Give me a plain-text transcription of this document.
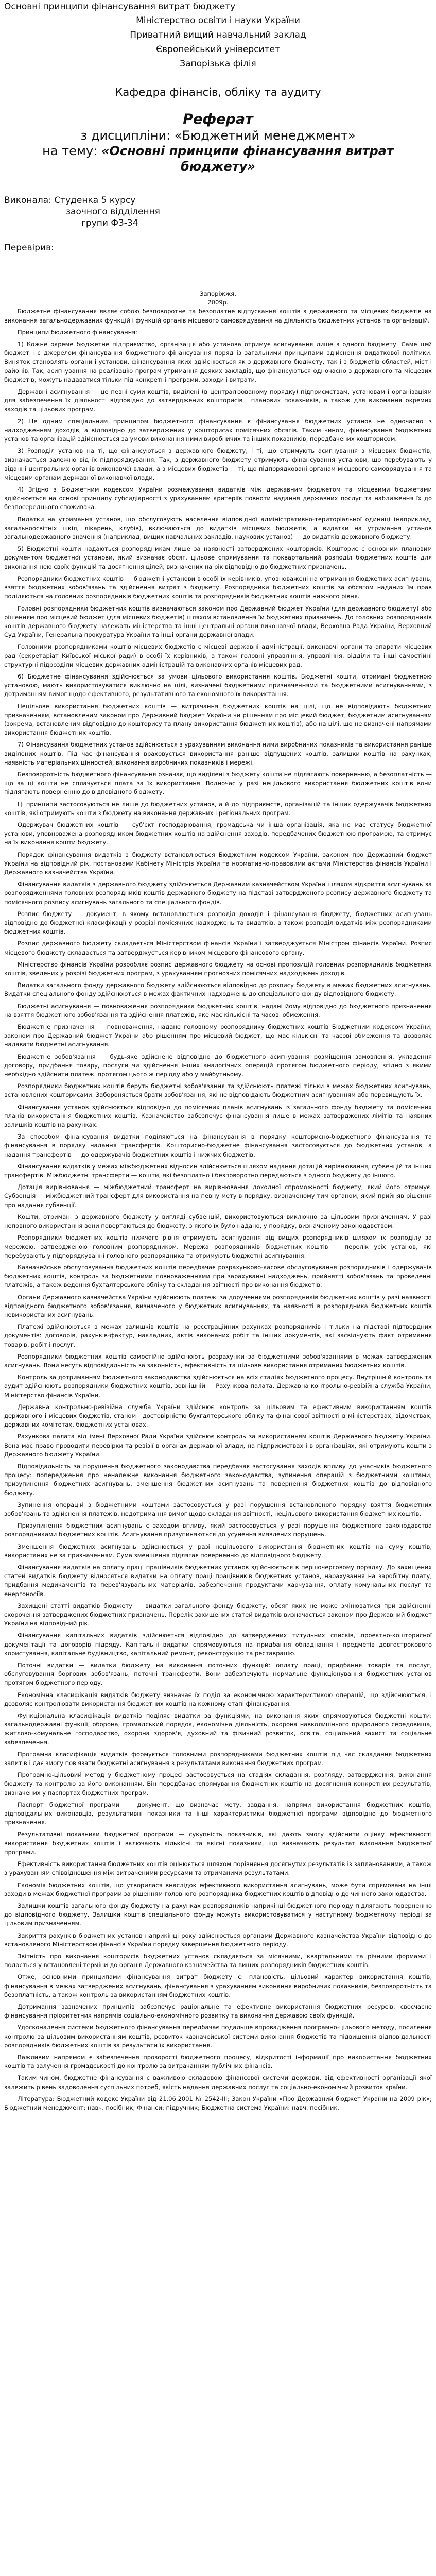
Основні принципи фінансування витрат бюджету

Міністерство освіти і науки України

Приватний вищий навчальний заклад

Європейський університет

Запорізька філія

Кафедра фінансів, обліку та аудиту

Реферат

з дисципліни: «Бюджетний менеджмент»

на тему: «Основні принципи фінансування витрат бюджету»

Виконала: Студенка 5 курсу
заочного відділення
групи Ф3-34

Перевірив:

Запоріжжя,

2009р.

Бюджетне фінансування являє собою безповоротне та безоплатне відпускання коштів з державного та місцевих бюджетів на виконання загальнодержавних функцій і функцій органів місцевого самоврядування на діяльність бюджетних установ та організацій.

Принципи бюджетного фінансування:

1) Кожне окреме бюджетне підприємство, організація або установа отримує асигнування лише з одного бюджету. Саме цей бюджет і є джерелом фінансування бюджетного фінансування поряд із загальними принципами здійснення видаткової політики. Виняток становлять органи і установи, фінансування яких здійснюється як з державного бюджету, так і з бюджетів областей, міст і районів. Так, асигнування на реалізацію програм утримання деяких закладів, що фінансуються одночасно з державного та місцевих бюджетів, можуть надаватися тільки під конкретні програми, заходи і витрати.

Державні асигнування — це певні суми коштів, виділені (в централізованому порядку) підприємствам, установам і організаціям для забезпечення їх діяльності відповідно до затверджених кошторисів і планових показників, а також для виконання окремих заходів та цільових програм.

2) Це одним спеціальним принципом бюджетного фінансування є фінансування бюджетних установ не одночасно з надходженням доходів, а відповідно до затверджених у кошторисах помісячних обсягів. Таким чином, фінансування бюджетних установ та організацій здійснюється за умови виконання ними виробничих та інших показників, передбачених кошторисом.

3) Розподіл установ на ті, що фінансуються з державного бюджету, і ті, що отримують асигнування з місцевих бюджетів, визначається залежно від їх підпорядкування. Так, з державного бюджету отримують фінансування установи, що перебувають у віданні центральних органів виконавчої влади, а з місцевих бюджетів — ті, що підпорядковані органам місцевого самоврядування та місцевим органам державної виконавчої влади.

4) Згідно з Бюджетним кодексом України розмежування видатків між державним бюджетом та місцевими бюджетами здійснюється на основі принципу субсидіарності з урахуванням критеріїв повноти надання державних послуг та наближення їх до безпосереднього споживача.

Видатки на утримання установ, що обслуговують населення відповідної адміністративно-територіальної одиниці (наприклад, загальноосвітніх шкіл, лікарень, клубів), включаються до видатків місцевих бюджетів, а видатки на утримання установ загальнодержавного значення (наприклад, вищих навчальних закладів, наукових установ) — до видатків державного бюджету.

5) Бюджетні кошти надаються розпорядникам лише за наявності затверджених кошторисів. Кошторис є основним плановим документом бюджетної установи, який визначає обсяг, цільове спрямування та поквартальний розподіл бюджетних коштів для виконання нею своїх функцій та досягнення цілей, визначених на рік відповідно до бюджетних призначень.

Розпорядники бюджетних коштів — бюджетні установи в особі їх керівників, уповноважені на отримання бюджетних асигнувань, взяття бюджетних зобов'язань та здійснення витрат з бюджету. Розпорядники бюджетних коштів за обсягом наданих їм прав поділяються на головних розпорядників бюджетних коштів та розпорядників бюджетних коштів нижчого рівня.

Головні розпорядники бюджетних коштів визначаються законом про Державний бюджет України (для державного бюджету) або рішенням про місцевий бюджет (для місцевих бюджетів) шляхом встановлення їм бюджетних призначень. До головних розпорядників коштів державного бюджету належать міністерства та інші центральні органи виконавчої влади, Верховна Рада України, Верховний Суд України, Генеральна прокуратура України та інші органи державної влади.

Головними розпорядниками коштів місцевих бюджетів є місцеві державні адміністрації, виконавчі органи та апарати місцевих рад (секретаріат Київської міської ради) в особі їх керівників, а також головні управління, управління, відділи та інші самостійні структурні підрозділи місцевих державних адміністрацій та виконавчих органів місцевих рад.

6) Бюджетне фінансування здійснюється за умови цільового використання коштів. Бюджетні кошти, отримані бюджетною установою, мають використовуватися виключно на цілі, визначені бюджетними призначеннями та бюджетними асигнуваннями, з дотриманням вимог щодо ефективного, результативного та економного їх використання.

Нецільове використання бюджетних коштів — витрачання бюджетних коштів на цілі, що не відповідають бюджетним призначенням, встановленим законом про Державний бюджет України чи рішенням про місцевий бюджет, бюджетним асигнуванням (зокрема, встановленим відповідно до кошторису та плану використання бюджетних коштів), або на цілі, що не визначені напрямами використання бюджетних коштів.

7) Фінансування бюджетних установ здійснюється з урахуванням виконання ними виробничих показників та використання раніше виділених коштів. Під час фінансування враховується використання раніше відпущених коштів, залишки коштів на рахунках, наявність матеріальних цінностей, виконання виробничих показників і мережі.

Безповоротність бюджетного фінансування означає, що виділені з бюджету кошти не підлягають поверненню, а безоплатність — що за ці кошти не сплачується плата за їх використання. Водночас у разі нецільового використання бюджетних коштів вони підлягають поверненню до відповідного бюджету.

Ці принципи застосовуються не лише до бюджетних установ, а й до підприємств, організацій та інших одержувачів бюджетних коштів, які отримують кошти з бюджету на виконання державних і регіональних програм.

Одержувач бюджетних коштів — суб'єкт господарювання, громадська чи інша організація, яка не має статусу бюджетної установи, уповноважена розпорядником бюджетних коштів на здійснення заходів, передбачених бюджетною програмою, та отримує на їх виконання кошти бюджету.

Порядок фінансування видатків з бюджету встановлюється Бюджетним кодексом України, законом про Державний бюджет України на відповідний рік, постановами Кабінету Міністрів України та нормативно-правовими актами Міністерства фінансів України і Державного казначейства України.

Фінансування видатків з державного бюджету здійснюється Державним казначейством України шляхом відкриття асигнувань за розпорядженнями головних розпорядників коштів державного бюджету на підставі затвердженого розпису державного бюджету та помісячного розпису асигнувань загального та спеціального фондів.

Розпис бюджету — документ, в якому встановлюється розподіл доходів і фінансування бюджету, бюджетних асигнувань відповідно до бюджетної класифікації у розрізі помісячних надходжень та видатків, а також розподіл видатків між розпорядниками бюджетних коштів.

Розпис державного бюджету складається Міністерством фінансів України і затверджується Міністром фінансів України. Розпис місцевого бюджету складається та затверджується керівником місцевого фінансового органу.

Міністерство фінансів України розробляє розпис державного бюджету на основі пропозицій головних розпорядників бюджетних коштів, зведених у розрізі бюджетних програм, з урахуванням прогнозних помісячних надходжень доходів.

Видатки загального фонду державного бюджету здійснюються відповідно до розпису бюджету в межах бюджетних асигнувань. Видатки спеціального фонду здійснюються в межах фактичних надходжень до спеціального фонду відповідного бюджету.

Бюджетні асигнування — повноваження розпорядника бюджетних коштів, надані йому відповідно до бюджетного призначення на взяття бюджетного зобов'язання та здійснення платежів, яке має кількісні та часові обмеження.

Бюджетне призначення — повноваження, надане головному розпоряднику бюджетних коштів Бюджетним кодексом України, законом про Державний бюджет України або рішенням про місцевий бюджет, що має кількісні та часові обмеження та дозволяє надавати бюджетні асигнування.

Бюджетне зобов'язання — будь-яке здійснене відповідно до бюджетного асигнування розміщення замовлення, укладення договору, придбання товару, послуги чи здійснення інших аналогічних операцій протягом бюджетного періоду, згідно з якими необхідно здійснити платежі протягом цього ж періоду або у майбутньому.

Розпорядники бюджетних коштів беруть бюджетні зобов'язання та здійснюють платежі тільки в межах бюджетних асигнувань, встановлених кошторисами. Забороняється брати зобов'язання, які не відповідають бюджетним асигнуванням або перевищують їх.

Фінансування установ здійснюється відповідно до помісячних планів асигнувань із загального фонду бюджету та помісячних планів використання бюджетних коштів. Казначейство забезпечує фінансування лише в межах затверджених лімітів та наявних залишків коштів на рахунках.

За способом фінансування видатки поділяються на фінансування в порядку кошторисно-бюджетного фінансування та фінансування в порядку надання трансфертів. Кошторисно-бюджетне фінансування застосовується до бюджетних установ, а надання трансфертів — до одержувачів бюджетних коштів і нижчих бюджетів.

Фінансування видатків у межах міжбюджетних відносин здійснюється шляхом надання дотацій вирівнювання, субвенцій та інших трансфертів. Міжбюджетні трансферти — кошти, які безоплатно і безповоротно передаються з одного бюджету до іншого.

Дотація вирівнювання — міжбюджетний трансферт на вирівнювання доходної спроможності бюджету, який його отримує. Субвенція — міжбюджетний трансферт для використання на певну мету в порядку, визначеному тим органом, який прийняв рішення про надання субвенції.

Кошти, отримані з державного бюджету у вигляді субвенцій, використовуються виключно за цільовим призначенням. У разі неповного використання вони повертаються до бюджету, з якого їх було надано, у порядку, визначеному законодавством.

Розпорядники бюджетних коштів нижчого рівня отримують асигнування від вищих розпорядників шляхом їх розподілу за мережею, затвердженою головним розпорядником. Мережа розпорядників бюджетних коштів — перелік усіх установ, які перебувають у підпорядкуванні головного розпорядника та отримують бюджетні асигнування.

Казначейське обслуговування бюджетних коштів передбачає розрахунково-касове обслуговування розпорядників і одержувачів бюджетних коштів, контроль за бюджетними повноваженнями при зарахуванні надходжень, прийнятті зобов'язань та проведенні платежів, а також ведення бухгалтерського обліку та складання звітності про виконання бюджетів.

Органи Державного казначейства України здійснюють платежі за дорученнями розпорядників бюджетних коштів у разі наявності відповідного бюджетного зобов'язання, визначеного у бюджетних асигнуваннях, та наявності в розпорядника бюджетних коштів невикористаних асигнувань.

Платежі здійснюються в межах залишків коштів на реєстраційних рахунках розпорядників і тільки на підставі підтвердних документів: договорів, рахунків-фактур, накладних, актів виконаних робіт та інших документів, які засвідчують факт отримання товарів, робіт і послуг.

Розпорядники бюджетних коштів самостійно здійснюють розрахунки за бюджетними зобов'язаннями в межах затверджених асигнувань. Вони несуть відповідальність за законність, ефективність та цільове використання отриманих бюджетних коштів.

Контроль за дотриманням бюджетного законодавства здійснюється на всіх стадіях бюджетного процесу. Внутрішній контроль та аудит здійснюють розпорядники бюджетних коштів, зовнішній — Рахункова палата, Державна контрольно-ревізійна служба України, Міністерство фінансів України.

Державна контрольно-ревізійна служба України здійснює контроль за цільовим та ефективним використанням коштів державного і місцевих бюджетів, станом і достовірністю бухгалтерського обліку та фінансової звітності в міністерствах, відомствах, державних комітетах, бюджетних установах.

Рахункова палата від імені Верховної Ради України здійснює контроль за використанням коштів Державного бюджету України. Вона має право проводити перевірки та ревізії в органах державної влади, на підприємствах і в організаціях, які отримують кошти з Державного бюджету України.

Відповідальність за порушення бюджетного законодавства передбачає застосування заходів впливу до учасників бюджетного процесу: попередження про неналежне виконання бюджетного законодавства, зупинення операцій з бюджетними коштами, призупинення бюджетних асигнувань, зменшення бюджетних асигнувань та повернення бюджетних коштів до відповідного бюджету.

Зупинення операцій з бюджетними коштами застосовується у разі порушення встановленого порядку взяття бюджетних зобов'язань та здійснення платежів, недотримання вимог щодо складання звітності, нецільового використання бюджетних коштів.

Призупинення бюджетних асигнувань є заходом впливу, який застосовується у разі порушення бюджетного законодавства розпорядниками бюджетних коштів. Асигнування призупиняються до усунення виявлених порушень.

Зменшення бюджетних асигнувань здійснюється у разі нецільового використання бюджетних коштів на суму коштів, використаних не за призначенням. Сума зменшення підлягає поверненню до відповідного бюджету.

Фінансування видатків на оплату праці працівників бюджетних установ здійснюється в першочерговому порядку. До захищених статей видатків бюджету відносяться видатки на оплату праці працівників бюджетних установ, нарахування на заробітну плату, придбання медикаментів та перев'язувальних матеріалів, забезпечення продуктами харчування, оплату комунальних послуг та енергоносіїв.

Захищені статті видатків бюджету — видатки загального фонду бюджету, обсяг яких не може змінюватися при здійсненні скорочення затверджених бюджетних призначень. Перелік захищених статей видатків визначається законом про Державний бюджет України на відповідний рік.

Фінансування капітальних видатків здійснюється відповідно до затверджених титульних списків, проектно-кошторисної документації та договорів підряду. Капітальні видатки спрямовуються на придбання обладнання і предметів довгострокового користування, капітальне будівництво, капітальний ремонт, реконструкцію та реставрацію.

Поточні видатки — видатки бюджету на виконання поточних функцій: оплату праці, придбання товарів та послуг, обслуговування боргових зобов'язань, поточні трансферти. Вони забезпечують нормальне функціонування бюджетних установ протягом бюджетного періоду.

Економічна класифікація видатків бюджету визначає їх поділ за економічною характеристикою операцій, що здійснюються, і дозволяє контролювати використання бюджетних коштів на кожному етапі фінансування.

Функціональна класифікація видатків поділяє видатки за функціями, на виконання яких спрямовуються бюджетні кошти: загальнодержавні функції, оборона, громадський порядок, економічна діяльність, охорона навколишнього природного середовища, житлово-комунальне господарство, охорона здоров'я, духовний та фізичний розвиток, освіта, соціальний захист та соціальне забезпечення.

Програмна класифікація видатків формується головними розпорядниками бюджетних коштів під час складання бюджетних запитів і дає змогу пов'язати бюджетні асигнування з результатами виконання бюджетних програм.

Програмно-цільовий метод у бюджетному процесі застосовується на стадіях складання, розгляду, затвердження, виконання бюджету та контролю за його виконанням. Він передбачає спрямування бюджетних коштів на досягнення конкретних результатів, визначених у паспортах бюджетних програм.

Паспорт бюджетної програми — документ, що визначає мету, завдання, напрями використання бюджетних коштів, відповідальних виконавців, результативні показники та інші характеристики бюджетної програми відповідно до бюджетного призначення.

Результативні показники бюджетної програми — сукупність показників, які дають змогу здійснити оцінку ефективності використання бюджетних коштів і включають кількісні та якісні показники, що визначають результат виконання бюджетної програми.

Ефективність використання бюджетних коштів оцінюється шляхом порівняння досягнутих результатів із запланованими, а також з урахуванням співвідношення між витраченими ресурсами та отриманими результатами.

Економія бюджетних коштів, що утворилася внаслідок ефективного використання асигнувань, може бути спрямована на інші заходи в межах бюджетної програми за рішенням головного розпорядника бюджетних коштів відповідно до чинного законодавства.

Залишки коштів загального фонду бюджету на рахунках розпорядників наприкінці бюджетного періоду підлягають поверненню до відповідного бюджету. Залишки коштів спеціального фонду можуть використовуватися у наступному бюджетному періоді за цільовим призначенням.

Закриття рахунків бюджетних установ наприкінці року здійснюється органами Державного казначейства України відповідно до встановленого Міністерством фінансів України порядку завершення бюджетного періоду.

Звітність про виконання кошторисів бюджетних установ складається за місячними, квартальними та річними формами і подається у встановлені терміни до органів Державного казначейства та вищих розпорядників бюджетних коштів.

Отже, основними принципами фінансування витрат бюджету є: плановість, цільовий характер використання коштів, фінансування в межах затверджених асигнувань, фінансування з урахуванням виконання виробничих показників, безповоротність та безоплатність, а також контроль за використанням бюджетних коштів.

Дотримання зазначених принципів забезпечує раціональне та ефективне використання бюджетних ресурсів, своєчасне фінансування пріоритетних напрямів соціально-економічного розвитку та виконання державою своїх функцій.

Удосконалення системи бюджетного фінансування передбачає подальше впровадження програмно-цільового методу, посилення контролю за цільовим використанням коштів, розвиток казначейської системи виконання бюджетів та підвищення відповідальності розпорядників бюджетних коштів за результати їх використання.

Важливим напрямом є забезпечення прозорості бюджетного процесу, відкритості інформації про використання бюджетних коштів та залучення громадськості до контролю за витрачанням публічних фінансів.

Таким чином, бюджетне фінансування є важливою складовою фінансової системи держави, від ефективності організації якої залежить рівень задоволення суспільних потреб, якість надання державних послуг та соціально-економічний розвиток країни.

Література: Бюджетний кодекс України від 21.06.2001 № 2542-ІІІ; Закон України «Про Державний бюджет України на 2009 рік»; Бюджетний менеджмент: навч. посібник; Фінанси: підручник; Бюджетна система України: навч. посібник.
